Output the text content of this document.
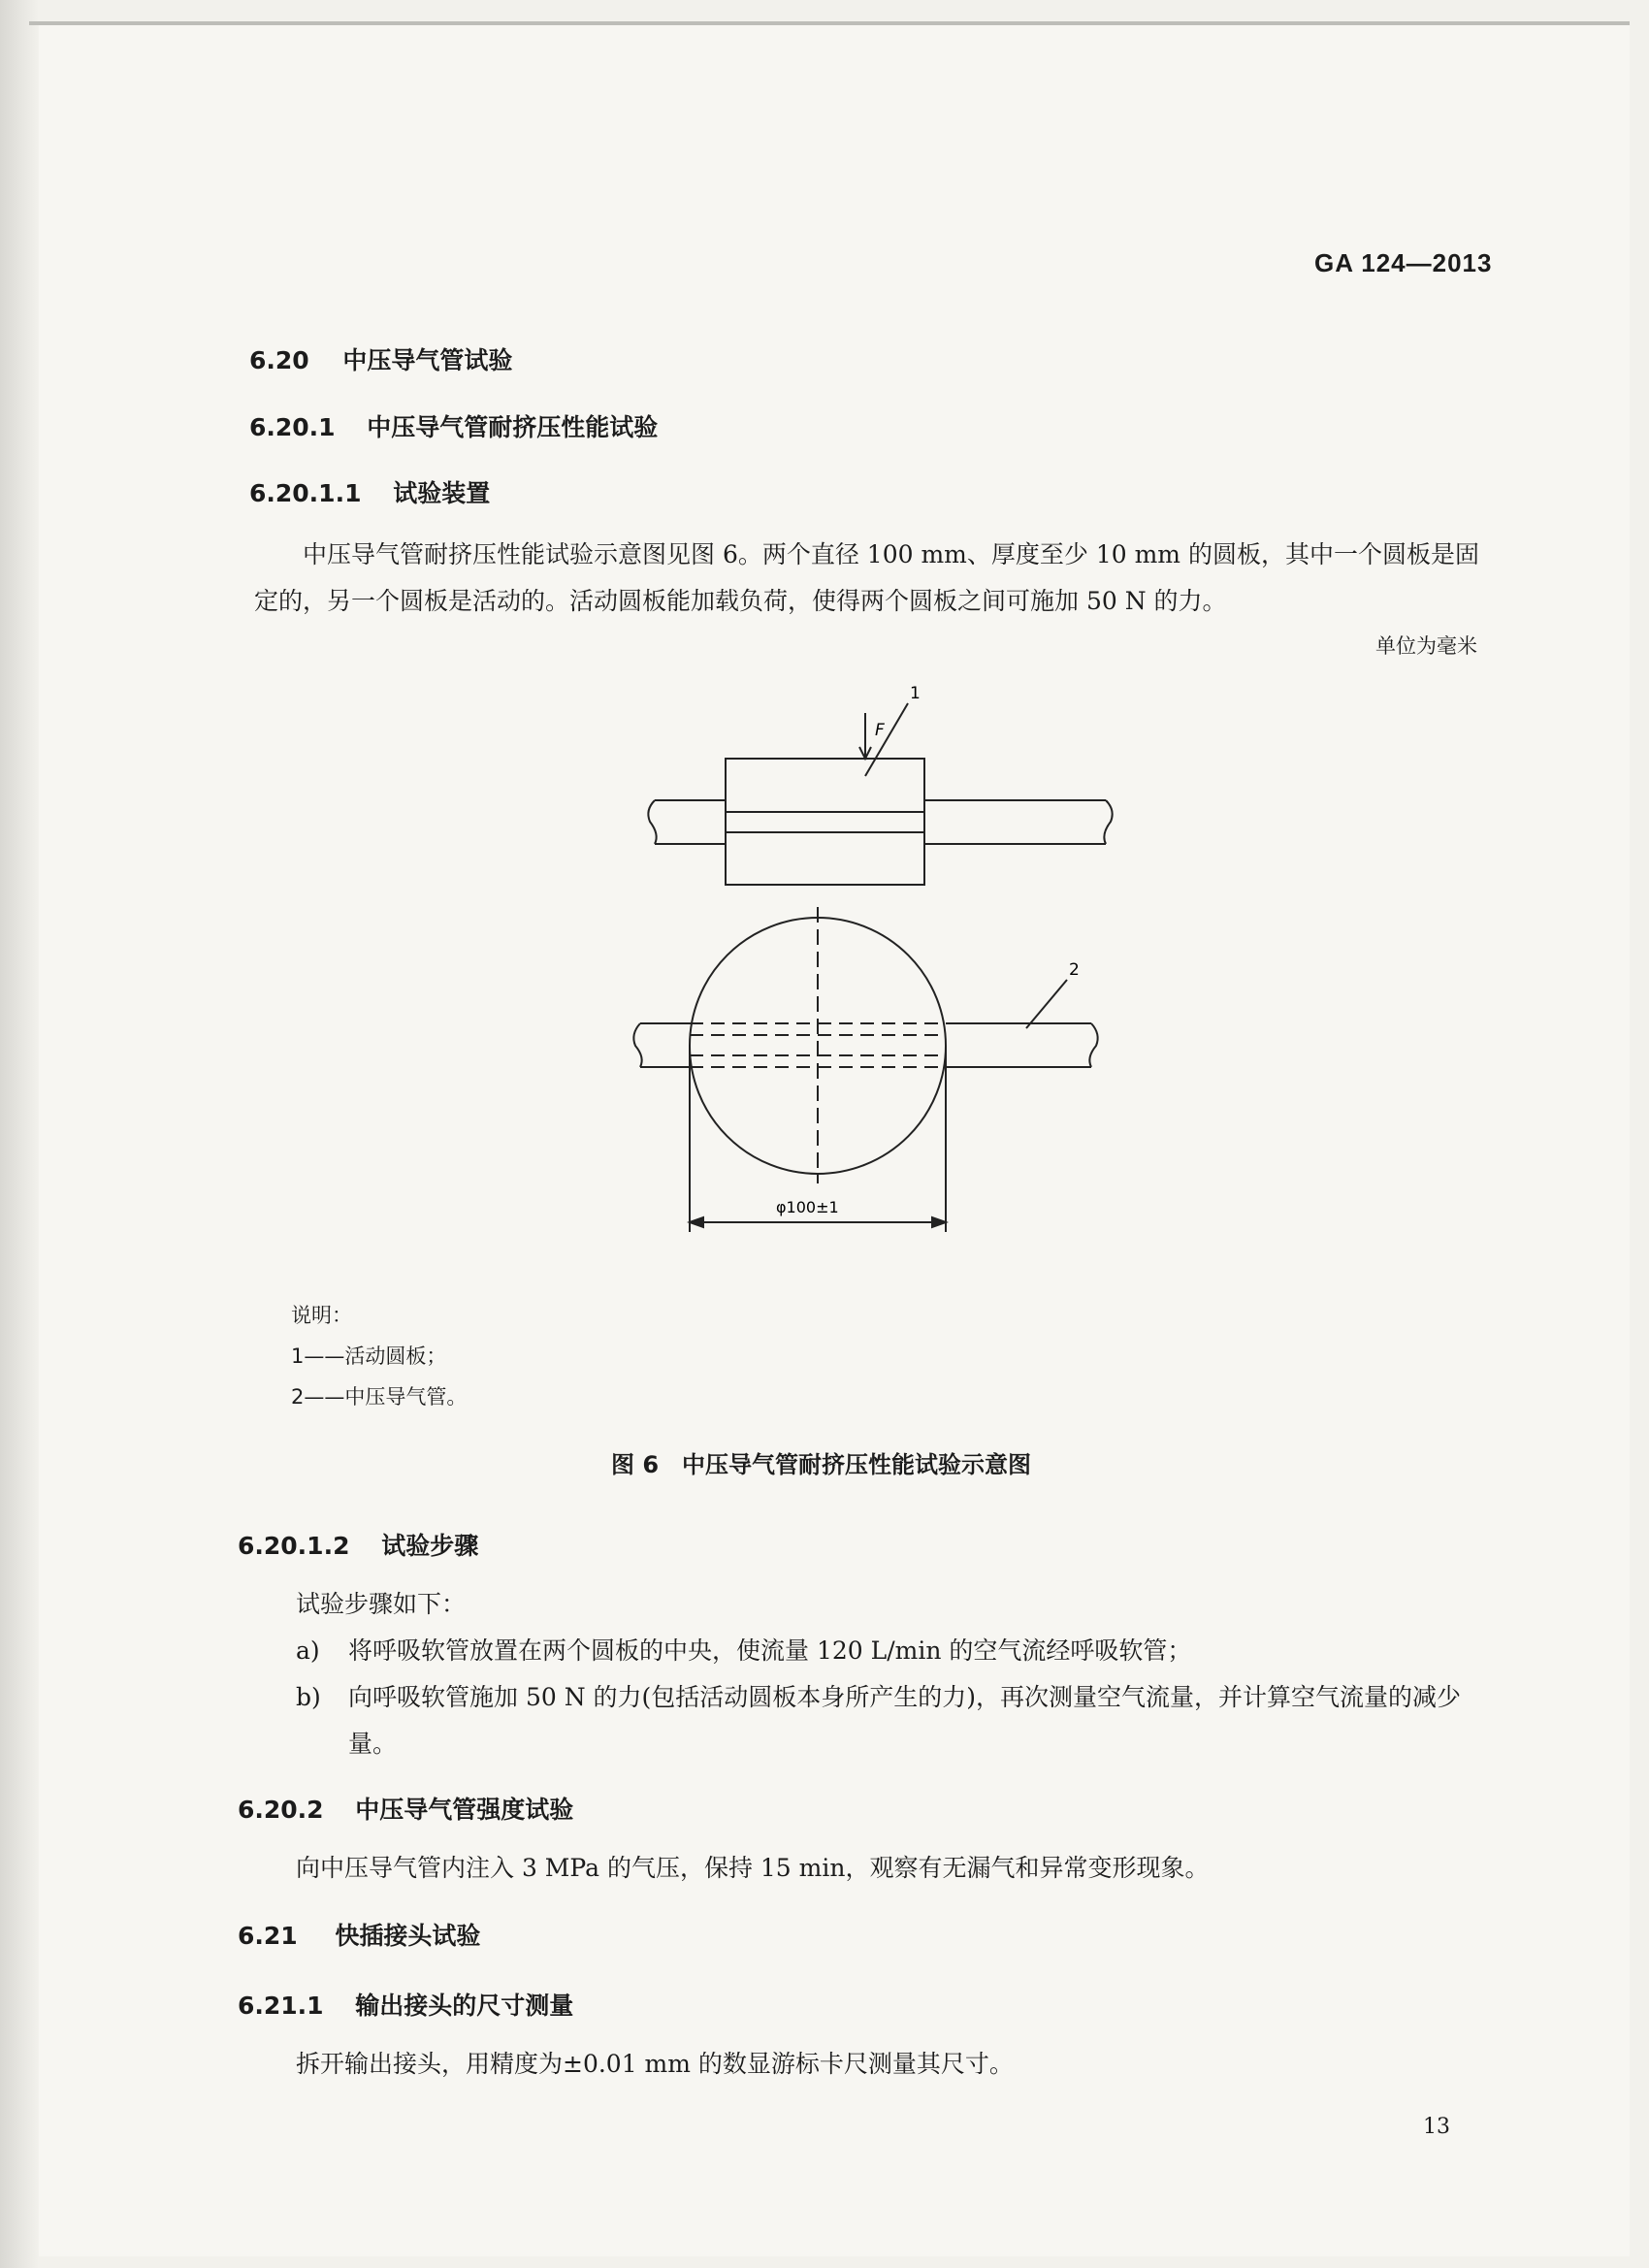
GA 124—2013
6.20 中压导气管试验
6.20.1 中压导气管耐挤压性能试验
6.20.1.1 试验装置
中压导气管耐挤压性能试验示意图见图 6。两个直径 100 mm、厚度至少 10 mm 的圆板，其中一个圆板是固定的，另一个圆板是活动的。活动圆板能加载负荷，使得两个圆板之间可施加 50 N 的力。
单位为毫米
F
1
2
φ100±1
说明：
1——活动圆板；
2——中压导气管。
图 6　中压导气管耐挤压性能试验示意图
6.20.1.2 试验步骤
试验步骤如下：
a) 将呼吸软管放置在两个圆板的中央，使流量 120 L/min 的空气流经呼吸软管；
b)	向呼吸软管施加 50 N 的力(包括活动圆板本身所产生的力)，再次测量空气流量，并计算空气流量的减少量。
6.20.2 中压导气管强度试验
向中压导气管内注入 3 MPa 的气压，保持 15 min，观察有无漏气和异常变形现象。
6.21 快插接头试验
6.21.1 输出接头的尺寸测量
拆开输出接头，用精度为±0.01 mm 的数显游标卡尺测量其尺寸。
13
